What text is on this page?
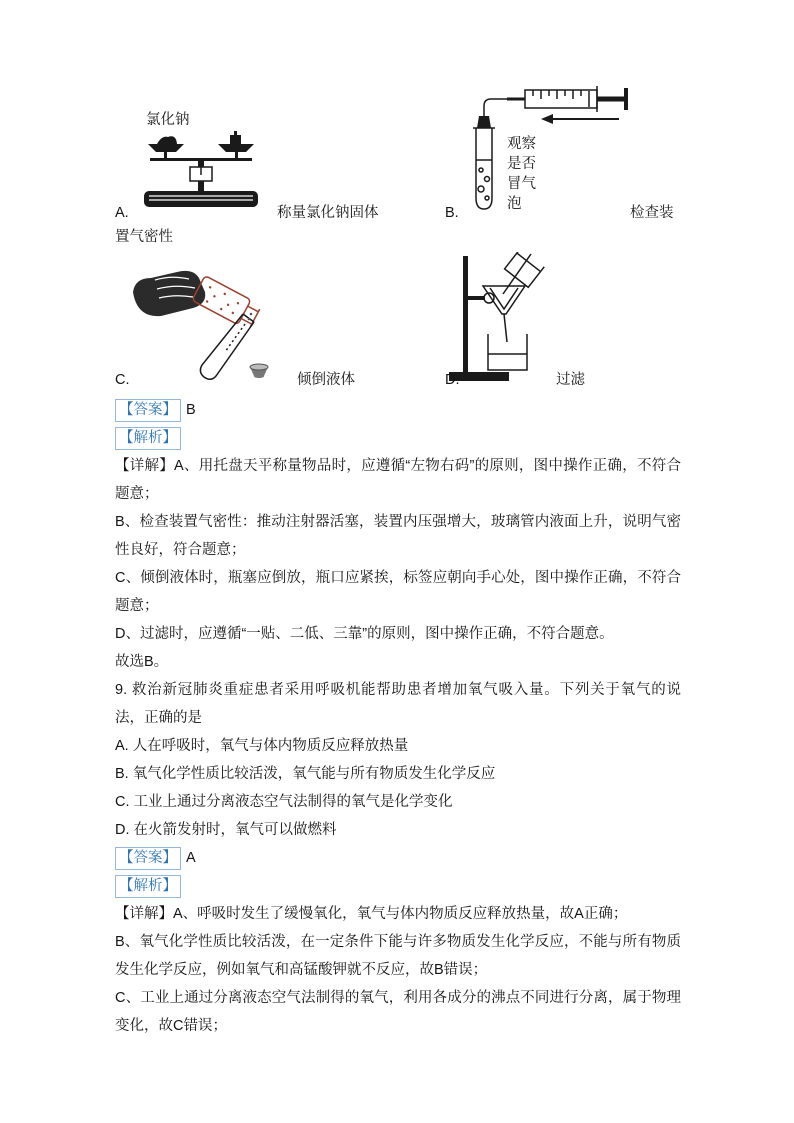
氯化钠
A.	称量氯化钠固体
观察是否冒气泡
B.	检查装
置气密性
C.	倾倒液体	D.	过滤

【答案】 B

【解析】

【详解】A、用托盘天平称量物品时，应遵循“左物右码”的原则，图中操作正确，不符合题意；

B、检查装置气密性：推动注射器活塞，装置内压强增大，玻璃管内液面上升，说明气密性良好，符合题意；

C、倾倒液体时，瓶塞应倒放，瓶口应紧挨，标签应朝向手心处，图中操作正确，不符合题意；

D、过滤时，应遵循“一贴、二低、三靠”的原则，图中操作正确，不符合题意。

故选B。

9. 救治新冠肺炎重症患者采用呼吸机能帮助患者增加氧气吸入量。下列关于氧气的说法，正确的是

A. 人在呼吸时，氧气与体内物质反应释放热量

B. 氧气化学性质比较活泼，氧气能与所有物质发生化学反应

C. 工业上通过分离液态空气法制得的氧气是化学变化

D. 在火箭发射时，氧气可以做燃料

【答案】 A

【解析】

【详解】A、呼吸时发生了缓慢氧化，氧气与体内物质反应释放热量，故A正确；

B、氧气化学性质比较活泼，在一定条件下能与许多物质发生化学反应，不能与所有物质发生化学反应，例如氧气和高锰酸钾就不反应，故B错误；

C、工业上通过分离液态空气法制得的氧气，利用各成分的沸点不同进行分离，属于物理变化，故C错误；
